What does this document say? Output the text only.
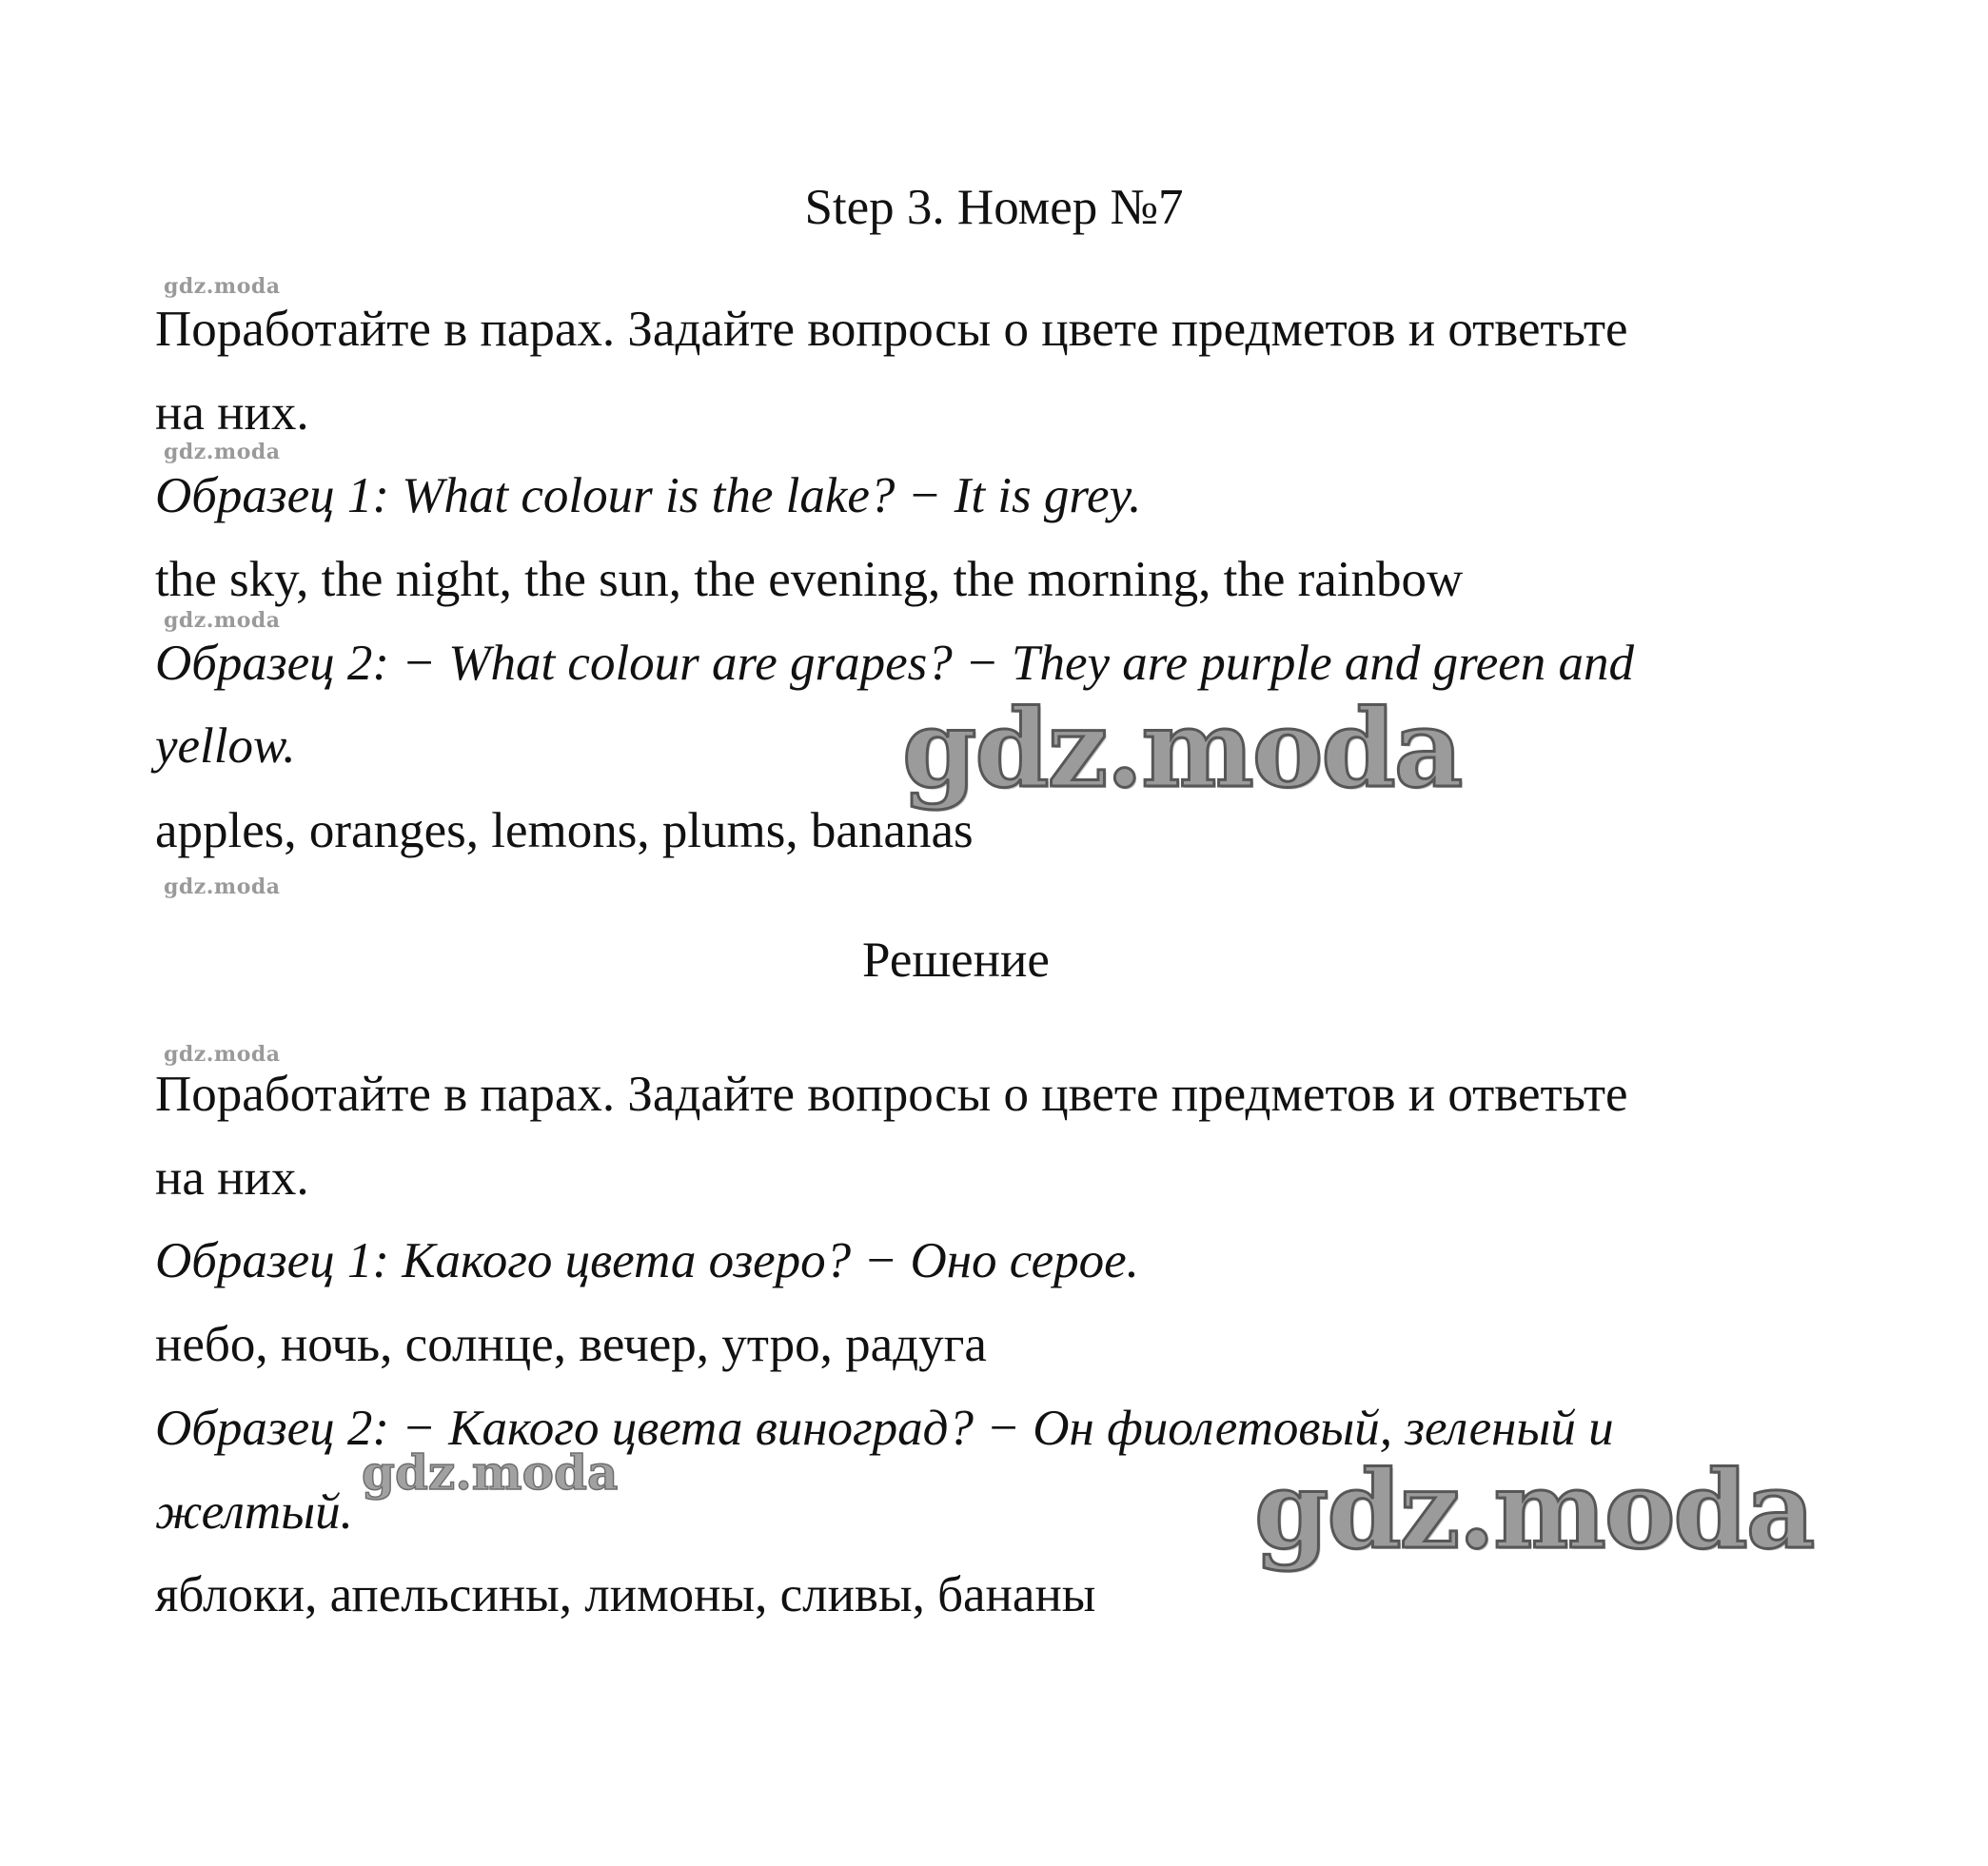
Step 3. Номер №7
gdz.moda
Поработайте в парах. Задайте вопросы о цвете предметов и ответьте
на них.
gdz.moda
Образец 1: What colour is the lake? − It is grey.
the sky, the night, the sun, the evening, the morning, the rainbow
gdz.moda
Образец 2: − What colour are grapes? − They are purple and green and
yellow.
apples, oranges, lemons, plums, bananas
gdz.moda
Решение
gdz.moda
Поработайте в парах. Задайте вопросы о цвете предметов и ответьте
на них.
Образец 1: Какого цвета озеро? − Оно серое.
небо, ночь, солнце, вечер, утро, радуга
Образец 2: − Какого цвета виноград? − Он фиолетовый, зеленый и
желтый.
яблоки, апельсины, лимоны, сливы, бананы
gdz.moda
gdz.moda	gdz.moda
